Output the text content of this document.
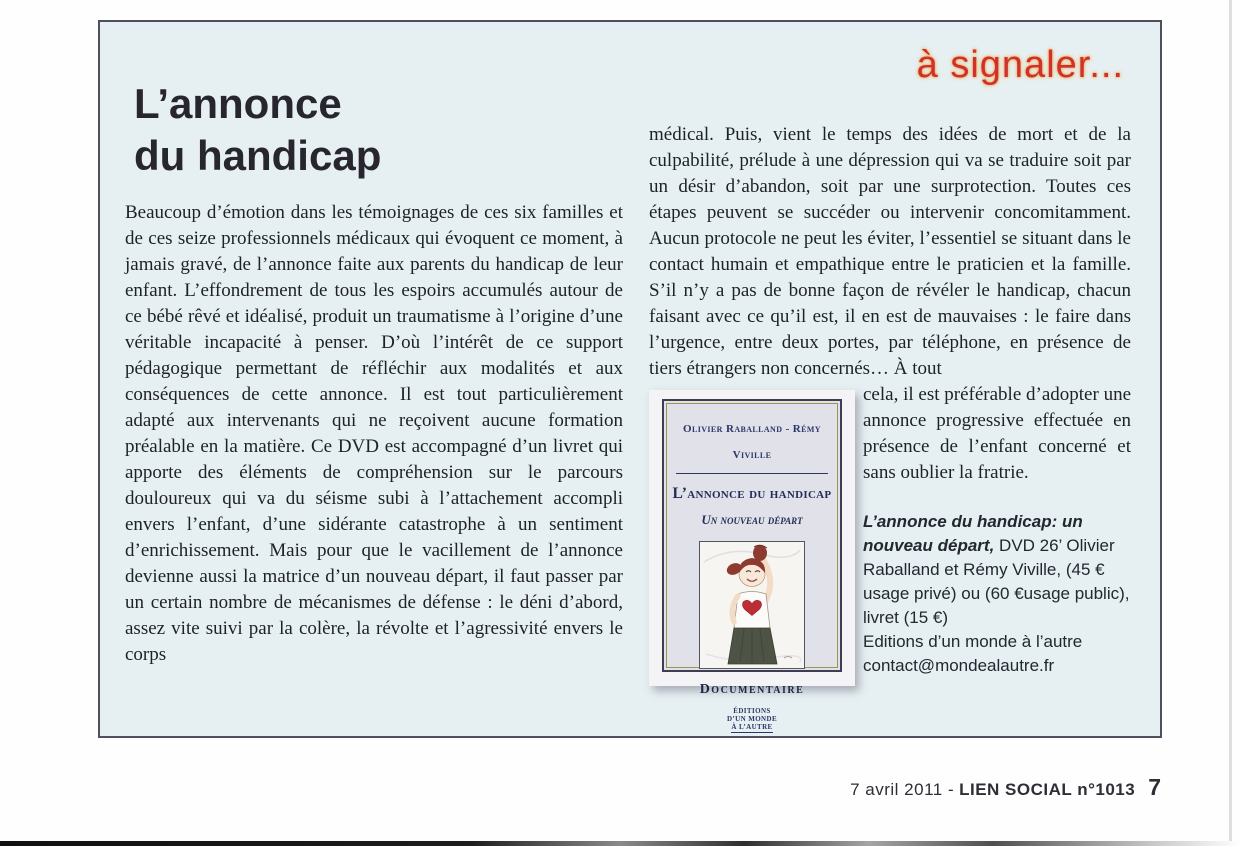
à signaler...
L’annonce
du handicap

Beaucoup d’émotion dans les témoignages de ces six familles et de ces seize professionnels médicaux qui évoquent ce moment, à jamais gravé, de l’annonce faite aux parents du handicap de leur enfant. L’effondrement de tous les espoirs accumulés autour de ce bébé rêvé et idéalisé, produit un traumatisme à l’origine d’une véritable incapacité à penser. D’où l’intérêt de ce support pédagogique permettant de réfléchir aux modalités et aux conséquences de cette annonce. Il est tout particulièrement adapté aux intervenants qui ne reçoivent aucune formation préalable en la matière. Ce DVD est accompagné d’un livret qui apporte des éléments de compréhension sur le parcours douloureux qui va du séisme subi à l’attachement accompli envers l’enfant, d’une sidérante catastrophe à un sentiment d’enrichissement. Mais pour que le vacillement de l’annonce devienne aussi la matrice d’un nouveau départ, il faut passer par un certain nombre de mécanismes de défense : le déni d’abord, assez vite suivi par la colère, la révolte et l’agressivité envers le corps

médical. Puis, vient le temps des idées de mort et de la culpabilité, prélude à une dépression qui va se traduire soit par un désir d’abandon, soit par une surprotection. Toutes ces étapes peuvent se succéder ou intervenir concomitamment. Aucun protocole ne peut les éviter, l’essentiel se situant dans le contact humain et empathique entre le praticien et la famille. S’il n’y a pas de bonne façon de révéler le handicap, chacun faisant avec ce qu’il est, il en est de mauvaises : le faire dans l’urgence, entre deux portes, par téléphone, en présence de tiers étrangers non concernés… À tout

Olivier Raballand - Rémy Viville
L’annonce du handicap
Un nouveau départ
Documentaire
ÉDITIONS
D’UN MONDE
À L’AUTRE

cela, il est préférable d’adopter une annonce progressive effectuée en présence de l’enfant concerné et sans oublier la fratrie.

L’annonce du handicap: un nouveau départ, DVD 26’ Olivier Raballand et Rémy Viville, (45 € usage privé) ou (60 €usage public), livret (15 €)

Editions d’un monde à l’autre
contact@mondealautre.fr
7 avril 2011 - LIEN SOCIAL n°1013 7
